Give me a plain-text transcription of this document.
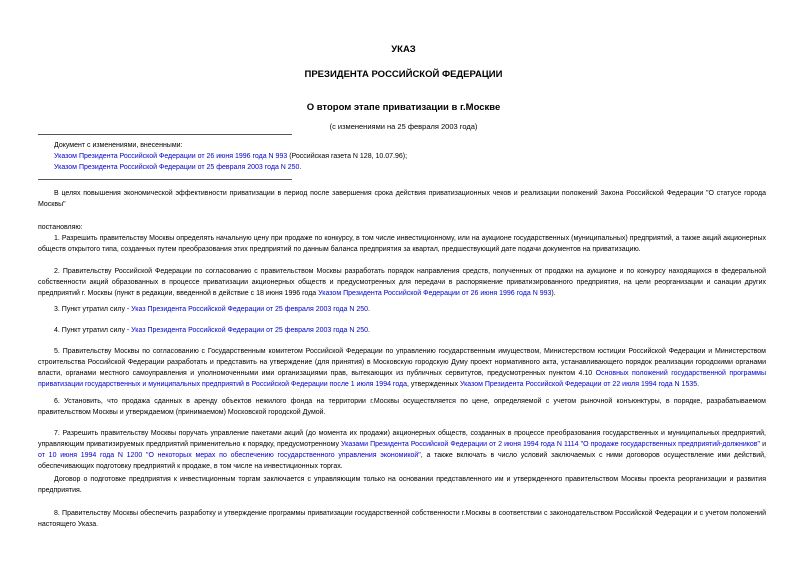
УКАЗ
ПРЕЗИДЕНТА РОССИЙСКОЙ ФЕДЕРАЦИИ
О втором этапе приватизации в г.Москве
(с изменениями на 25 февраля 2003 года)
Документ с изменениями, внесенными:
Указом Президента Российской Федерации от 26 июня 1996 года N 993 (Российская газета N 128, 10.07.96);
Указом Президента Российской Федерации от 25 февраля 2003 года N 250.
В целях повышения экономической эффективности приватизации в период после завершения срока действия приватизационных чеков и реализации положений Закона Российской Федерации "О статусе города Москвы"
постановляю:
1. Разрешить правительству Москвы определять начальную цену при продаже по конкурсу, в том числе инвестиционному, или на аукционе государственных (муниципальных) предприятий, а также акций акционерных обществ открытого типа, созданных путем преобразования этих предприятий по данным баланса предприятия за квартал, предшествующий дате подачи документов на приватизацию.
2. Правительству Российской Федерации по согласованию с правительством Москвы разработать порядок направления средств, полученных от продажи на аукционе и по конкурсу находящихся в федеральной собственности акций образованных в процессе приватизации акционерных обществ и предусмотренных для передачи в распоряжение приватизированного предприятия, на цели реорганизации и санации других предприятий г. Москвы (пункт в редакции, введенной в действие с 18 июня 1996 года Указом Президента Российской Федерации от 26 июня 1996 года N 993).
3. Пункт утратил силу - Указ Президента Российской Федерации от 25 февраля 2003 года N 250.
4. Пункт утратил силу - Указ Президента Российской Федерации от 25 февраля 2003 года N 250.
5. Правительству Москвы по согласованию с Государственным комитетом Российской Федерации по управлению государственным имуществом, Министерством юстиции Российской Федерации и Министерством строительства Российской Федерации разработать и представить на утверждение (для принятия) в Московскую городскую Думу проект нормативного акта, устанавливающего порядок реализации городскими органами власти, органами местного самоуправления и уполномоченными ими организациями прав, вытекающих из публичных сервитутов, предусмотренных пунктом 4.10 Основных положений государственной программы приватизации государственных и муниципальных предприятий в Российской Федерации после 1 июля 1994 года, утвержденных Указом Президента Российской Федерации от 22 июля 1994 года N 1535.
6. Установить, что продажа сданных в аренду объектов нежилого фонда на территории г.Москвы осуществляется по цене, определяемой с учетом рыночной конъюнктуры, в порядке, разрабатываемом правительством Москвы и утверждаемом (принимаемом) Московской городской Думой.
7. Разрешить правительству Москвы поручать управление пакетами акций (до момента их продажи) акционерных обществ, созданных в процессе преобразования государственных и муниципальных предприятий, управляющим приватизируемых предприятий применительно к порядку, предусмотренному Указами Президента Российской Федерации от 2 июня 1994 года N 1114 "О продаже государственных предприятий-должников" и от 10 июня 1994 года N 1200 "О некоторых мерах по обеспечению государственного управления экономикой", а также включать в число условий заключаемых с ними договоров осуществление ими действий, обеспечивающих подготовку предприятий к продаже, в том числе на инвестиционных торгах.
Договор о подготовке предприятия к инвестиционным торгам заключается с управляющим только на основании представленного им и утвержденного правительством Москвы проекта реорганизации и развития предприятия.
8. Правительству Москвы обеспечить разработку и утверждение программы приватизации государственной собственности г.Москвы в соответствии с законодательством Российской Федерации и с учетом положений настоящего Указа.
